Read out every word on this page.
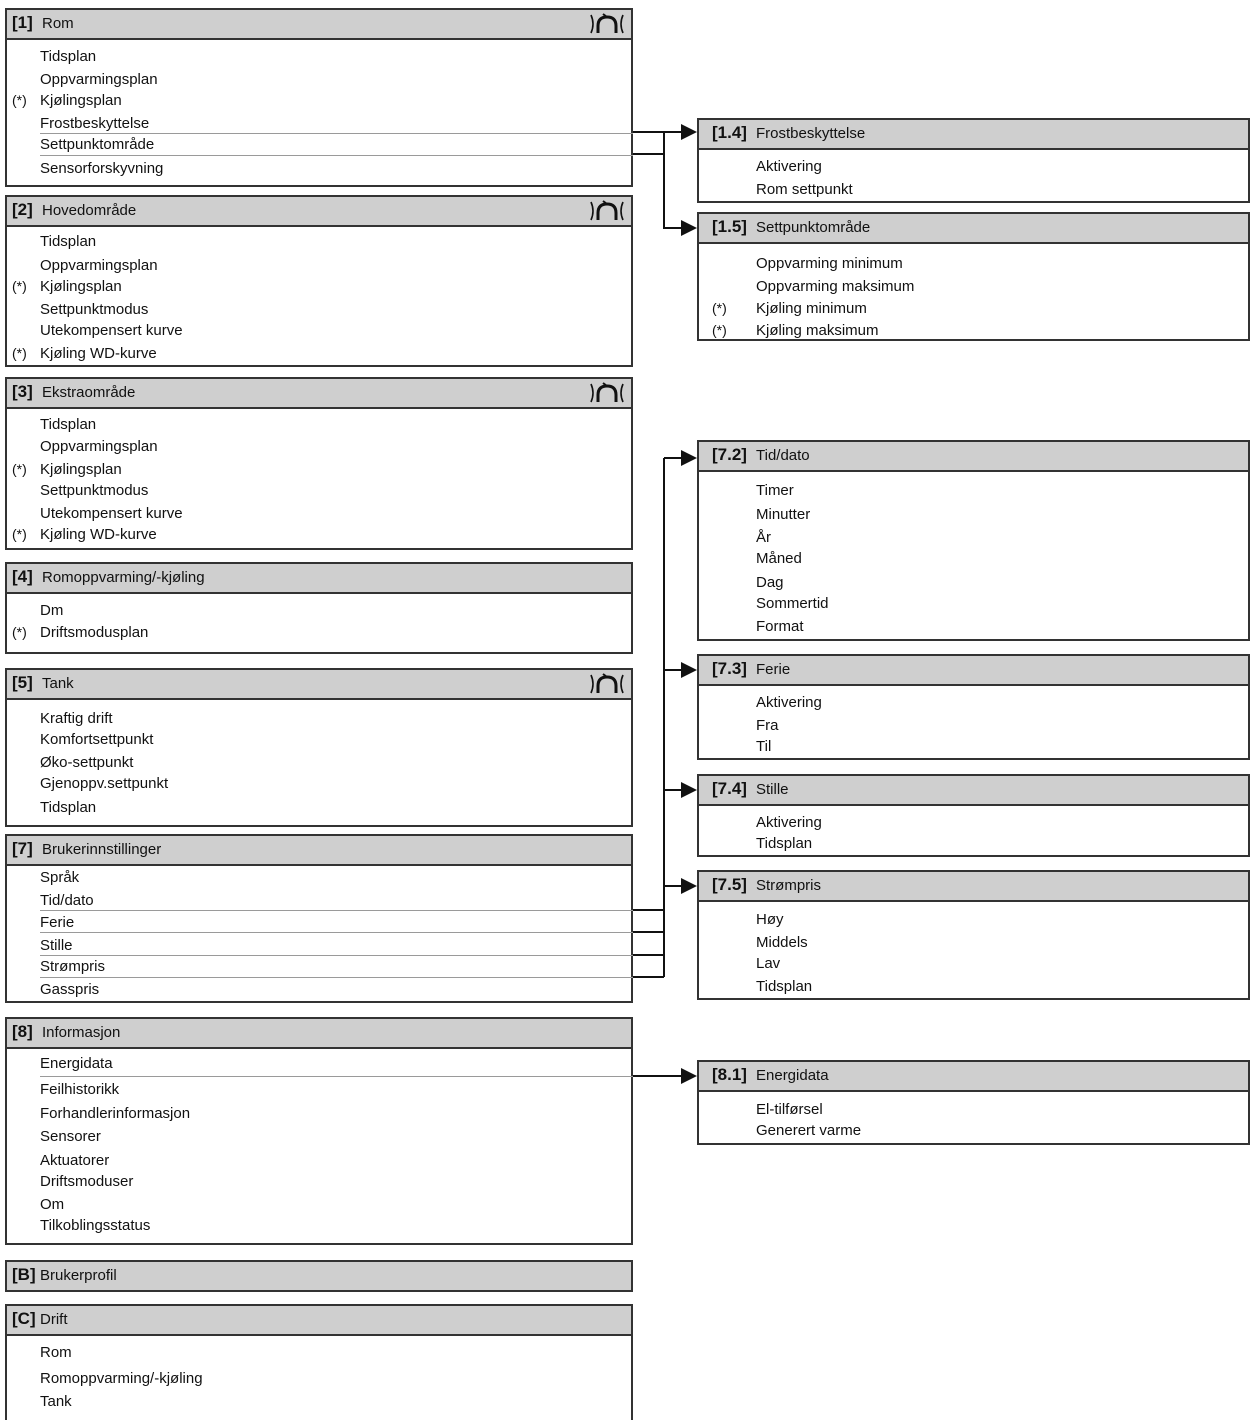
[1] Rom
Tidsplan
Oppvarmingsplan
(*) Kjølingsplan
Frostbeskyttelse
Settpunktområde
Sensorforskyvning
[2] Hovedområde
Tidsplan
Oppvarmingsplan
(*) Kjølingsplan
Settpunktmodus
Utekompensert kurve
(*) Kjøling WD-kurve
[3] Ekstraområde
Tidsplan
Oppvarmingsplan
(*) Kjølingsplan
Settpunktmodus
Utekompensert kurve
(*) Kjøling WD-kurve
[4] Romoppvarming/-kjøling
Dm
(*) Driftsmodusplan
[5] Tank
Kraftig drift
Komfortsettpunkt
Øko-settpunkt
Gjenoppv.settpunkt
Tidsplan
[7] Brukerinnstillinger
Språk
Tid/dato
Ferie
Stille
Strømpris
Gasspris
[8] Informasjon
Energidata
Feilhistorikk
Forhandlerinformasjon
Sensorer
Aktuatorer
Driftsmoduser
Om
Tilkoblingsstatus
[B] Brukerprofil
[C] Drift
Rom
Romoppvarming/-kjøling
Tank
[1.4] Frostbeskyttelse
Aktivering
Rom settpunkt
[1.5] Settpunktområde
Oppvarming minimum
Oppvarming maksimum
(*) Kjøling minimum
(*) Kjøling maksimum
[7.2] Tid/dato
Timer
Minutter
År
Måned
Dag
Sommertid
Format
[7.3] Ferie
Aktivering
Fra
Til
[7.4] Stille
Aktivering
Tidsplan
[7.5] Strømpris
Høy
Middels
Lav
Tidsplan
[8.1] Energidata
El-tilførsel
Generert varme
